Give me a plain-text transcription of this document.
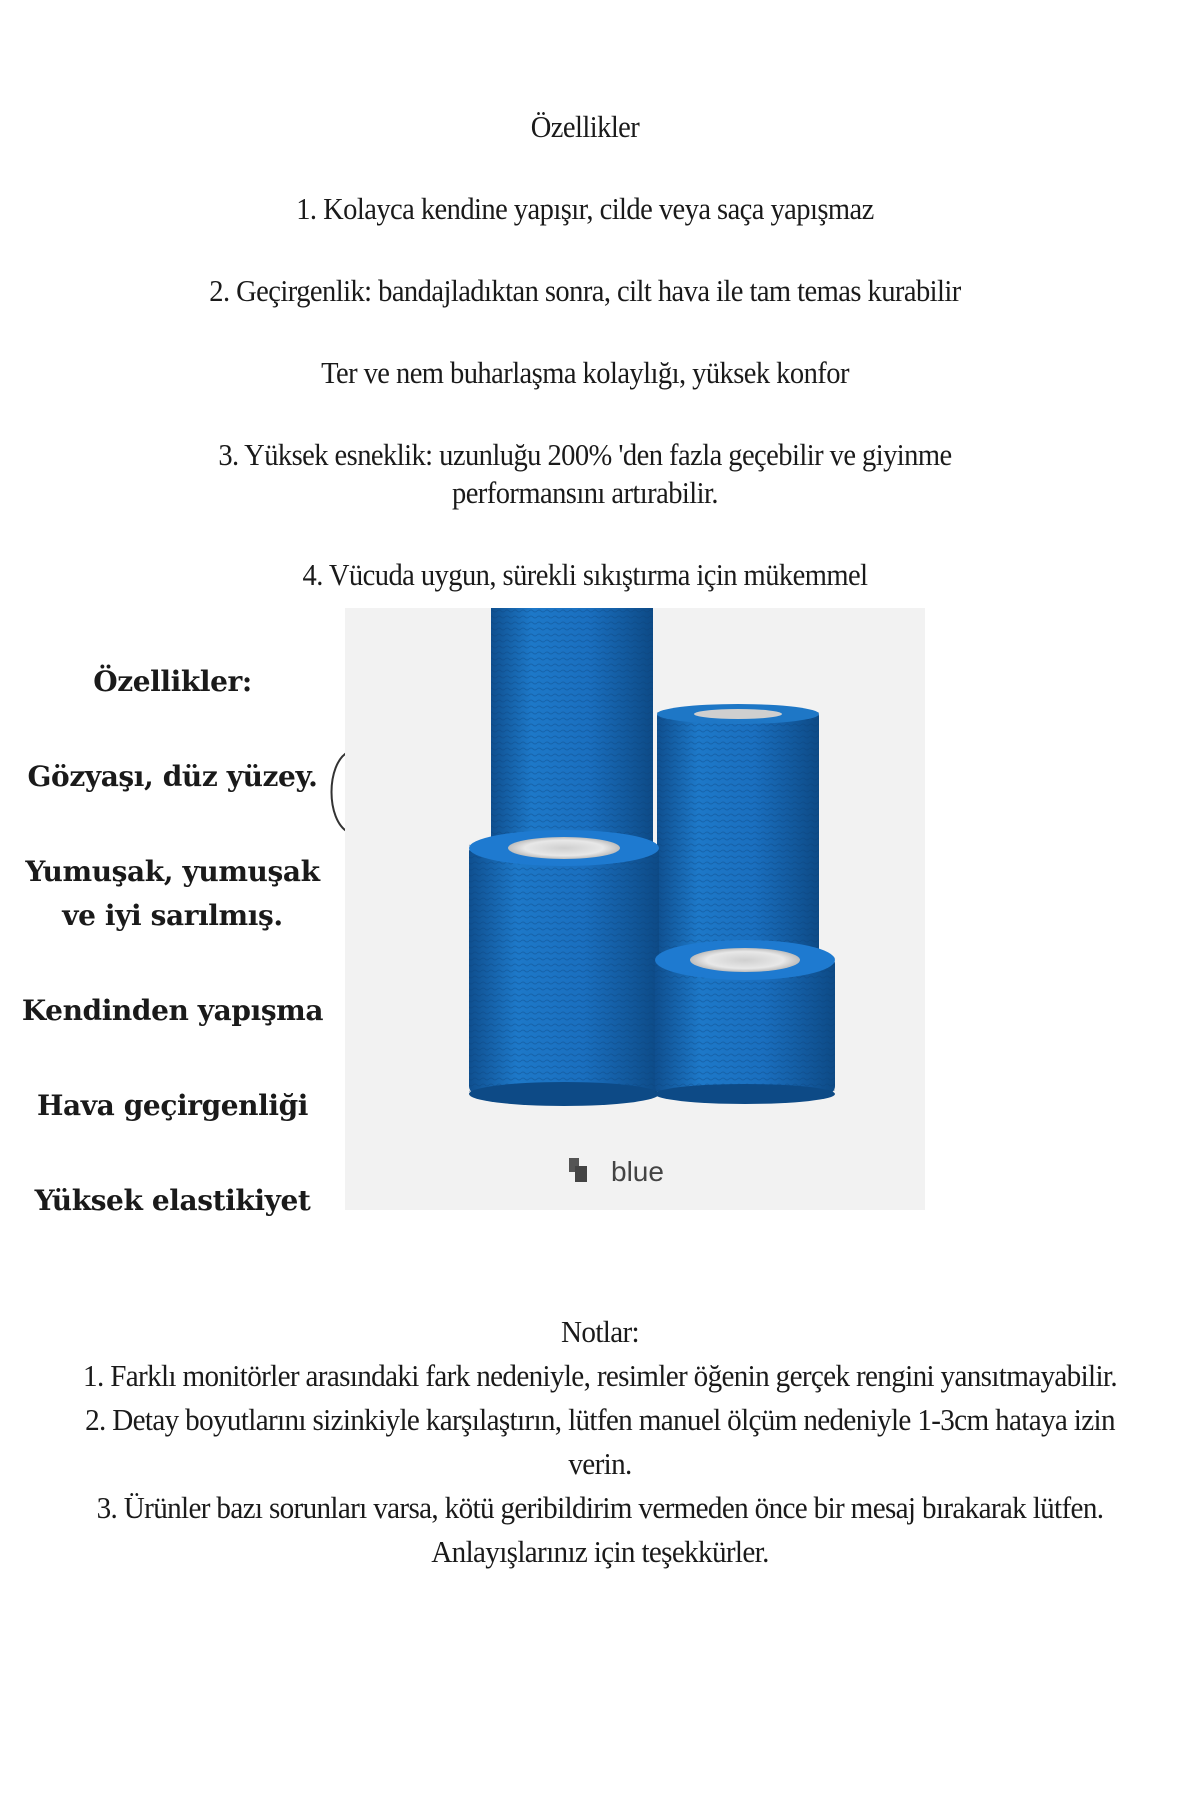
Özellikler
1. Kolayca kendine yapışır, cilde veya saça yapışmaz
2. Geçirgenlik: bandajladıktan sonra, cilt hava ile tam temas kurabilir
Ter ve nem buharlaşma kolaylığı, yüksek konfor
3. Yüksek esneklik: uzunluğu 200% 'den fazla geçebilir ve giyinme performansını artırabilir.
4. Vücuda uygun, sürekli sıkıştırma için mükemmel
Özellikler:
Gözyaşı, düz yüzey.
Yumuşak, yumuşak ve iyi sarılmış.
Kendinden yapışma
Hava geçirgenliği
Yüksek elastikiyet
blue
Notlar:
1. Farklı monitörler arasındaki fark nedeniyle, resimler öğenin gerçek rengini yansıtmayabilir.
2. Detay boyutlarını sizinkiyle karşılaştırın, lütfen manuel ölçüm nedeniyle 1-3cm hataya izin verin.
3. Ürünler bazı sorunları varsa, kötü geribildirim vermeden önce bir mesaj bırakarak lütfen.
Anlayışlarınız için teşekkürler.
